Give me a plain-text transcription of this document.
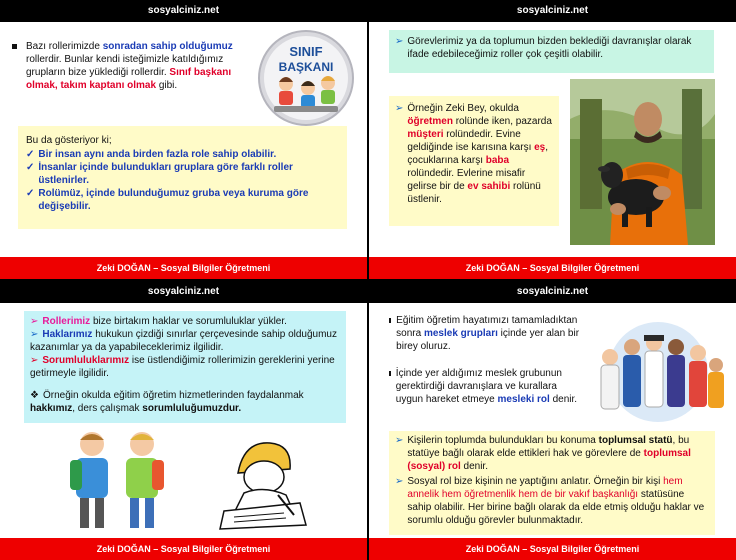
sosyalciniz.net
Bazı rollerimizde sonradan sahip olduğumuz rollerdir. Bunlar kendi isteğimizle katıldığımız grupların bize yüklediği rollerdir. Sınıf başkanı olmak, takım kaptanı olmak gibi.
SINIF
BAŞKANI
Bu da gösteriyor ki;
✓ Bir insan aynı anda birden fazla role sahip olabilir.
✓ İnsanlar içinde bulundukları gruplara göre farklı roller üstlenirler.
✓ Rolümüz, içinde bulunduğumuz gruba veya kuruma göre değişebilir.
Zeki DOĞAN – Sosyal Bilgiler Öğretmeni
sosyalciniz.net
➢ Görevlerimiz ya da toplumun bizden beklediği davranışlar olarak ifade edebileceğimiz roller çok çeşitli olabilir.
➢ Örneğin Zeki Bey, okulda öğretmen rolünde iken, pazarda müşteri rolündedir. Evine geldiğinde ise karısına karşı eş, çocuklarına karşı baba rolündedir. Evlerine misafir gelirse bir de ev sahibi rolünü üstlenir.
Zeki DOĞAN – Sosyal Bilgiler Öğretmeni
sosyalciniz.net
➢ Rollerimiz bize birtakım haklar ve sorumluluklar yükler.
➢ Haklarımız hukukun çizdiği sınırlar çerçevesinde sahip olduğumuz kazanımlar ya da yapabileceklerimiz ilgilidir.
➢ Sorumluluklarımız ise üstlendiğimiz rollerimizin gereklerini yerine getirmeyle ilgilidir.
❖ Örneğin okulda eğitim öğretim hizmetlerinden faydalanmak hakkımız, ders çalışmak sorumluluğumuzdur.
Zeki DOĞAN – Sosyal Bilgiler Öğretmeni
sosyalciniz.net
Eğitim öğretim hayatımızı tamamladıktan sonra meslek grupları içinde yer alan bir birey oluruz.
İçinde yer aldığımız meslek grubunun gerektirdiği davranışlara ve kurallara uygun hareket etmeye mesleki rol denir.
➢ Kişilerin toplumda bulundukları bu konuma toplumsal statü, bu statüye bağlı olarak elde ettikleri hak ve görevlere de toplumsal (sosyal) rol denir.
➢ Sosyal rol bize kişinin ne yaptığını anlatır. Örneğin bir kişi hem annelik hem öğretmenlik hem de bir vakıf başkanlığı statüsüne sahip olabilir. Her birine bağlı olarak da elde etmiş olduğu haklar ve sorumlu olduğu görevler bulunmaktadır.
Zeki DOĞAN – Sosyal Bilgiler Öğretmeni
